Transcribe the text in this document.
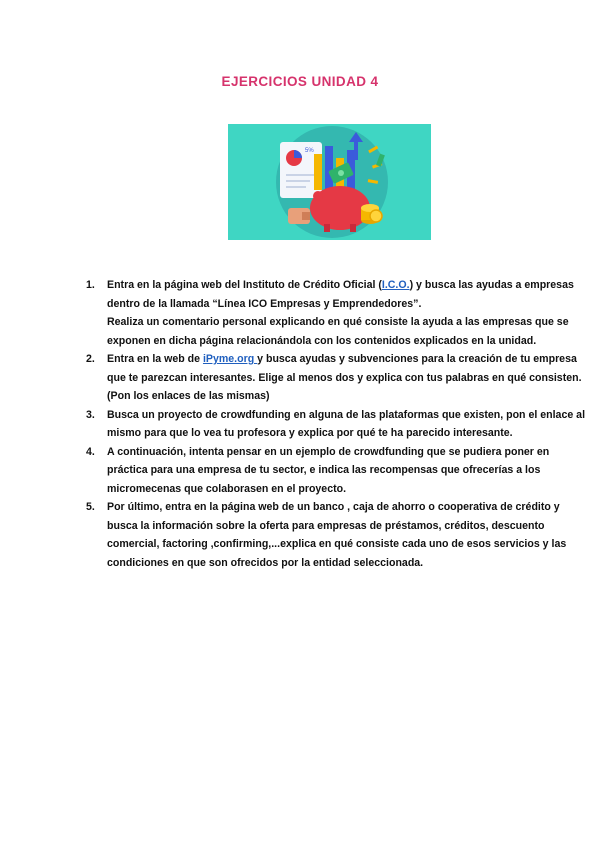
EJERCICIOS UNIDAD 4
5%
1. Entra en la página web del Instituto de Crédito Oficial (I.C.O.) y busca las ayudas a empresas dentro de la llamada “Línea ICO Empresas y Emprendedores”.
Realiza un comentario personal explicando en qué consiste la ayuda a las empresas que se exponen en dicha página relacionándola con los contenidos explicados en la unidad.
2. Entra en la web de iPyme.org y busca ayudas y subvenciones para la creación de tu empresa que te parezcan interesantes. Elige al menos dos y explica con tus palabras en qué consisten.(Pon los enlaces de las mismas)
3. Busca un proyecto de crowdfunding en alguna de las plataformas que existen, pon el enlace al mismo para que lo vea tu profesora y explica por qué te ha parecido interesante.
4. A continuación, intenta pensar en un ejemplo de crowdfunding que se pudiera poner en práctica para una empresa de tu sector, e indica las recompensas que ofrecerías a los micromecenas que colaborasen en el proyecto.
5. Por último, entra en la página web de un banco , caja de ahorro o cooperativa de crédito y busca la información sobre la oferta para empresas de préstamos, créditos, descuento comercial, factoring ,confirming,...explica en qué consiste cada uno de esos servicios y las condiciones en que son ofrecidos por la entidad seleccionada.
